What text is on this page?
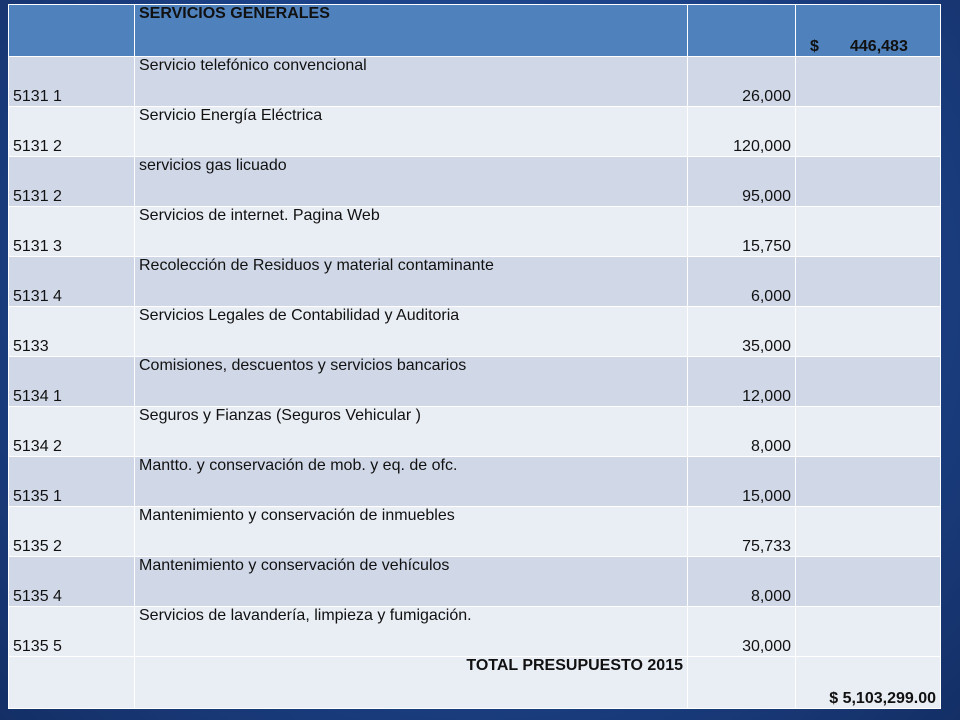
	SERVICIOS GENERALES		$ 446,483
5131 1	Servicio telefónico convencional	26,000	
5131 2	Servicio Energía Eléctrica	120,000	
5131 2	servicios gas licuado	95,000	
5131 3	Servicios de internet. Pagina Web	15,750	
5131 4	Recolección de Residuos y material contaminante	6,000	
5133	Servicios Legales de Contabilidad y Auditoria	35,000	
5134 1	Comisiones, descuentos y servicios bancarios	12,000	
5134 2	Seguros y Fianzas (Seguros Vehicular )	8,000	
5135 1	Mantto. y conservación de mob. y eq. de ofc.	15,000	
5135 2	Mantenimiento y conservación de inmuebles	75,733	
5135 4	Mantenimiento y conservación de vehículos	8,000	
5135 5	Servicios de lavandería, limpieza y fumigación.	30,000	
	TOTAL PRESUPUESTO 2015		$ 5,103,299.00
